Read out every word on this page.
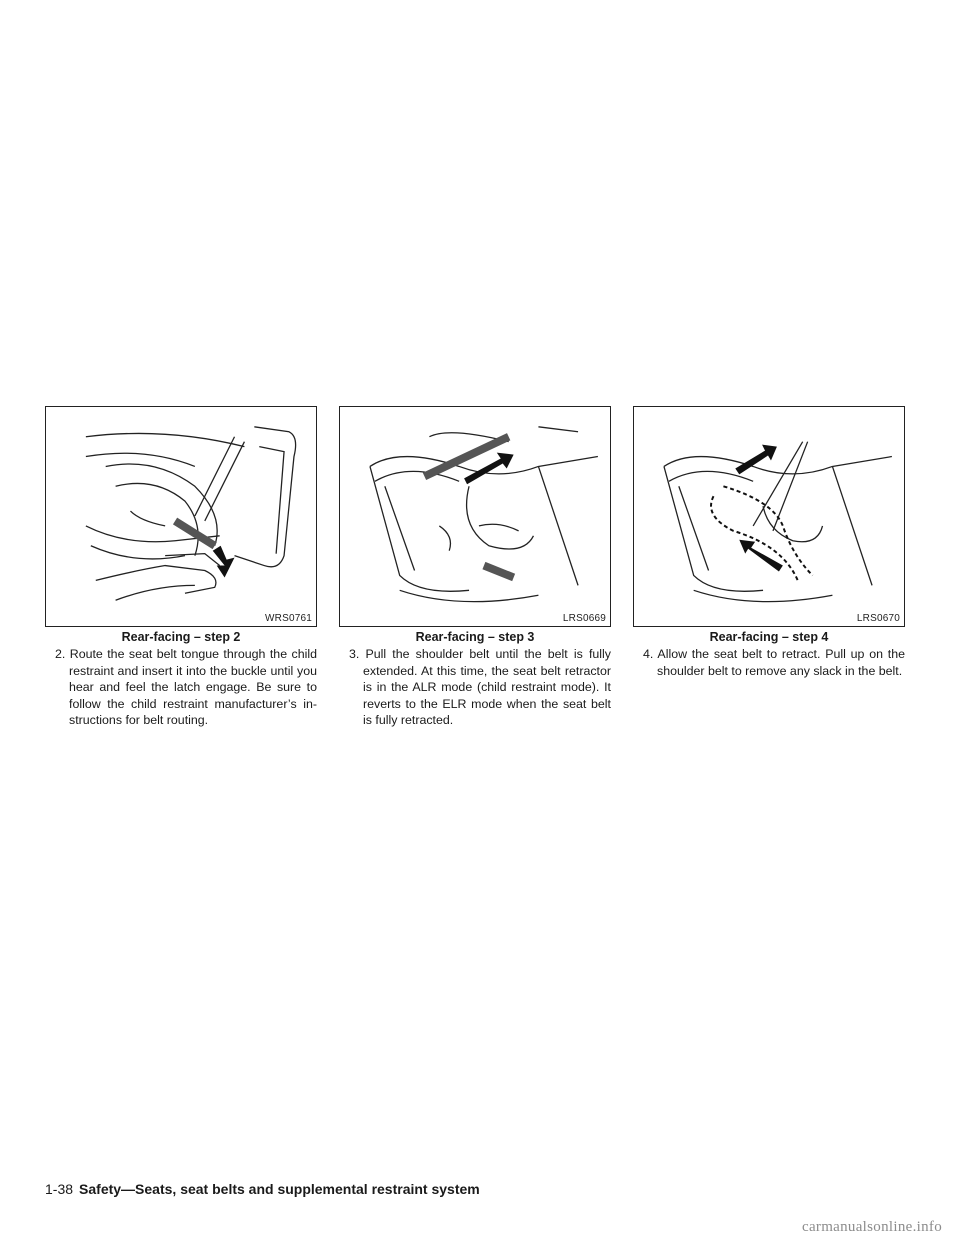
WRS0761	LRS0669	LRS0670
Rear-facing – step 2	Rear-facing – step 3	Rear-facing – step 4

2. Route the seat belt tongue through the child restraint and insert it into the buckle until you hear and feel the latch engage. Be sure to follow the child restraint manufacturer’s in- structions for belt routing.

3. Pull the shoulder belt until the belt is fully extended. At this time, the seat belt retractor is in the ALR mode (child restraint mode). It reverts to the ELR mode when the seat belt is fully retracted.

4. Allow the seat belt to retract. Pull up on the shoulder belt to remove any slack in the belt.

1-38 Safety—Seats, seat belts and supplemental restraint system
carmanualsonline.info
